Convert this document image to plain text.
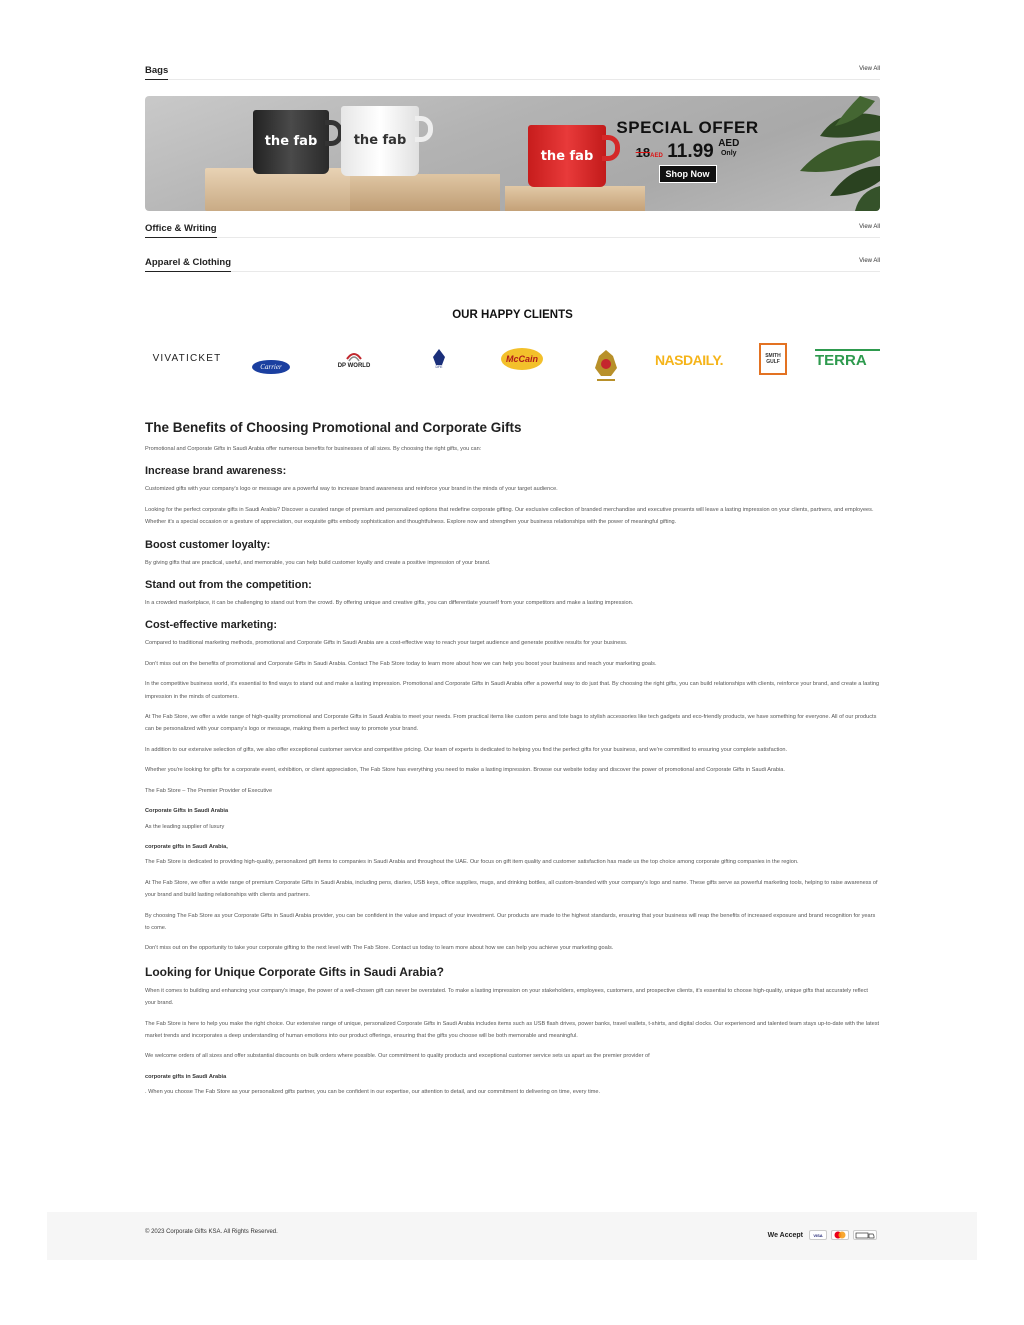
Bags	View All
the fab	the fab
the fab
SPECIAL OFFER
18AED 11.99 AED
Only
Shop Now
Office & Writing	View All
Apparel & Clothing	View All
OUR HAPPY CLIENTS
VIVATICKET
Carrier	DP WORLD	DFE
McCain	NASDAILY.	SMITH GULF	TERRA
The Benefits of Choosing Promotional and Corporate Gifts

Promotional and Corporate Gifts in Saudi Arabia offer numerous benefits for businesses of all sizes. By choosing the right gifts, you can:

Increase brand awareness:

Customized gifts with your company's logo or message are a powerful way to increase brand awareness and reinforce your brand in the minds of your target audience.

Looking for the perfect corporate gifts in Saudi Arabia? Discover a curated range of premium and personalized options that redefine corporate gifting. Our exclusive collection of branded merchandise and executive presents will leave a lasting impression on your clients, partners, and employees. Whether it's a special occasion or a gesture of appreciation, our exquisite gifts embody sophistication and thoughtfulness. Explore now and strengthen your business relationships with the power of meaningful gifting.

Boost customer loyalty:

By giving gifts that are practical, useful, and memorable, you can help build customer loyalty and create a positive impression of your brand.

Stand out from the competition:

In a crowded marketplace, it can be challenging to stand out from the crowd. By offering unique and creative gifts, you can differentiate yourself from your competitors and make a lasting impression.

Cost-effective marketing:

Compared to traditional marketing methods, promotional and Corporate Gifts in Saudi Arabia are a cost-effective way to reach your target audience and generate positive results for your business.

Don't miss out on the benefits of promotional and Corporate Gifts in Saudi Arabia. Contact The Fab Store today to learn more about how we can help you boost your business and reach your marketing goals.

In the competitive business world, it's essential to find ways to stand out and make a lasting impression. Promotional and Corporate Gifts in Saudi Arabia offer a powerful way to do just that. By choosing the right gifts, you can build relationships with clients, reinforce your brand, and create a lasting impression in the minds of customers.

At The Fab Store, we offer a wide range of high-quality promotional and Corporate Gifts in Saudi Arabia to meet your needs. From practical items like custom pens and tote bags to stylish accessories like tech gadgets and eco-friendly products, we have something for everyone. All of our products can be personalized with your company's logo or message, making them a perfect way to promote your brand.

In addition to our extensive selection of gifts, we also offer exceptional customer service and competitive pricing. Our team of experts is dedicated to helping you find the perfect gifts for your business, and we're committed to ensuring your complete satisfaction.

Whether you're looking for gifts for a corporate event, exhibition, or client appreciation, The Fab Store has everything you need to make a lasting impression. Browse our website today and discover the power of promotional and Corporate Gifts in Saudi Arabia.

The Fab Store – The Premier Provider of Executive

Corporate Gifts in Saudi Arabia

As the leading supplier of luxury

corporate gifts in Saudi Arabia,

The Fab Store is dedicated to providing high-quality, personalized gift items to companies in Saudi Arabia and throughout the UAE. Our focus on gift item quality and customer satisfaction has made us the top choice among corporate gifting companies in the region.

At The Fab Store, we offer a wide range of premium Corporate Gifts in Saudi Arabia, including pens, diaries, USB keys, office supplies, mugs, and drinking bottles, all custom-branded with your company's logo and name. These gifts serve as powerful marketing tools, helping to raise awareness of your brand and build lasting relationships with clients and partners.

By choosing The Fab Store as your Corporate Gifts in Saudi Arabia provider, you can be confident in the value and impact of your investment. Our products are made to the highest standards, ensuring that your business will reap the benefits of increased exposure and brand recognition for years to come.

Don't miss out on the opportunity to take your corporate gifting to the next level with The Fab Store. Contact us today to learn more about how we can help you achieve your marketing goals.

Looking for Unique Corporate Gifts in Saudi Arabia?

When it comes to building and enhancing your company's image, the power of a well-chosen gift can never be overstated. To make a lasting impression on your stakeholders, employees, customers, and prospective clients, it's essential to choose high-quality, unique gifts that accurately reflect your brand.

The Fab Store is here to help you make the right choice. Our extensive range of unique, personalized Corporate Gifts in Saudi Arabia includes items such as USB flash drives, power banks, travel wallets, t-shirts, and digital clocks. Our experienced and talented team stays up-to-date with the latest market trends and incorporates a deep understanding of human emotions into our product offerings, ensuring that the gifts you choose will be both memorable and meaningful.

We welcome orders of all sizes and offer substantial discounts on bulk orders where possible. Our commitment to quality products and exceptional customer service sets us apart as the premier provider of

corporate gifts in Saudi Arabia

. When you choose The Fab Store as your personalized gifts partner, you can be confident in our expertise, our attention to detail, and our commitment to delivering on time, every time.

© 2023 Corporate Gifts KSA. All Rights Reserved.	We Accept	VISA
